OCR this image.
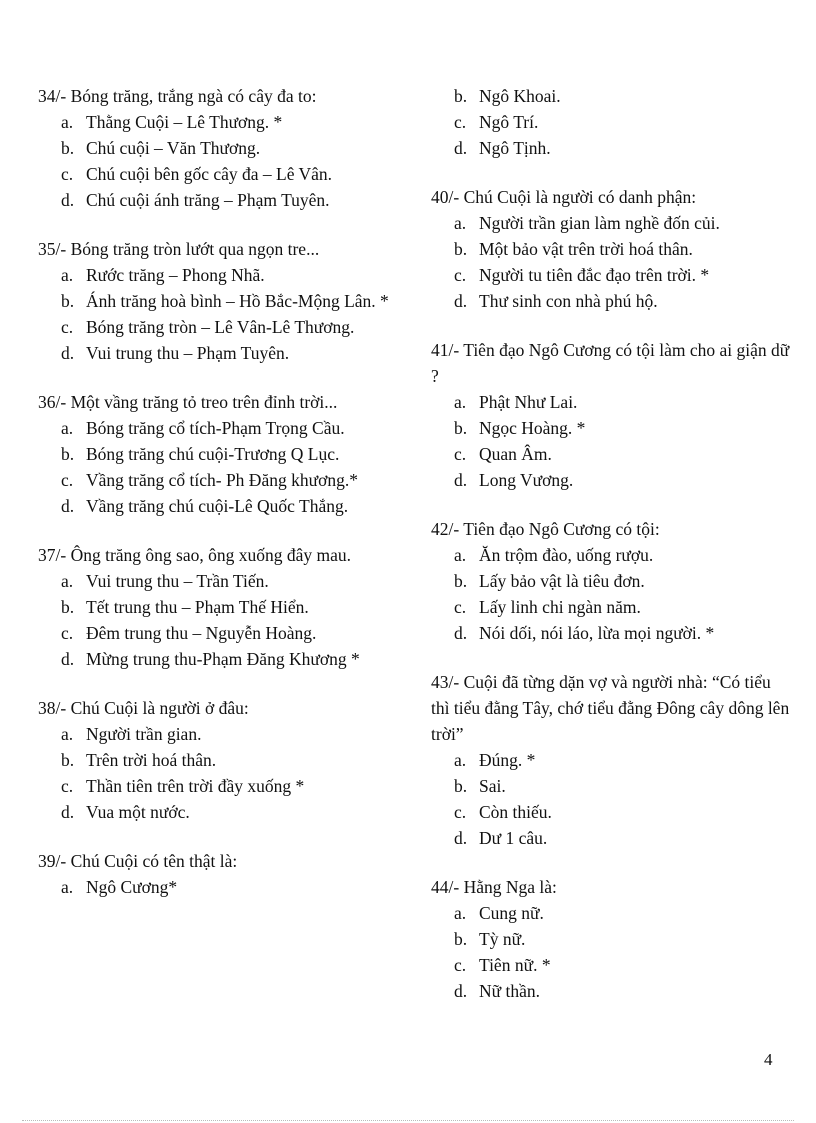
34/- Bóng trăng, trắng ngà có cây đa to:
a. Thằng Cuội – Lê Thương. *
b. Chú cuội – Văn Thương.
c. Chú cuội bên gốc cây đa – Lê Vân.
d. Chú cuội ánh trăng – Phạm Tuyên.
35/- Bóng trăng tròn lướt qua ngọn tre...
a. Rước trăng – Phong Nhã.
b. Ánh trăng hoà bình – Hồ Bắc-Mộng Lân. *
c. Bóng trăng tròn – Lê Vân-Lê Thương.
d. Vui trung thu – Phạm Tuyên.
36/- Một vầng trăng tỏ treo trên đỉnh trời...
a. Bóng trăng cổ tích-Phạm Trọng Cầu.
b. Bóng trăng chú cuội-Trương Q Lục.
c. Vầng trăng cổ tích- Ph Đăng khương.*
d. Vầng trăng chú cuội-Lê Quốc Thắng.
37/- Ông trăng ông sao, ông xuống đây mau.
a. Vui trung thu – Trần Tiến.
b. Tết trung thu – Phạm Thế Hiển.
c. Đêm trung thu – Nguyễn Hoàng.
d. Mừng trung thu-Phạm Đăng Khương *
38/- Chú Cuội là người ở đâu:
a. Người trần gian.
b. Trên trời hoá thân.
c. Thần tiên trên trời đầy xuống *
d. Vua một nước.
39/- Chú Cuội có tên thật là:
a. Ngô Cương*
b. Ngô Khoai.
c. Ngô Trí.
d. Ngô Tịnh.
40/- Chú Cuội là người có danh phận:
a. Người trần gian làm nghề đốn củi.
b. Một bảo vật trên trời hoá thân.
c. Người tu tiên đắc đạo trên trời. *
d. Thư sinh con nhà phú hộ.
41/- Tiên đạo Ngô Cương có tội làm cho ai giận dữ ?
a. Phật Như Lai.
b. Ngọc Hoàng. *
c. Quan Âm.
d. Long Vương.
42/- Tiên đạo Ngô Cương có tội:
a. Ăn trộm đào, uống rượu.
b. Lấy bảo vật là tiêu đơn.
c. Lấy linh chi ngàn năm.
d. Nói dối, nói láo, lừa mọi người. *
43/- Cuội đã từng dặn vợ và người nhà: “Có tiểu thì tiểu đằng Tây, chớ tiểu đằng Đông cây dông lên trời”
a. Đúng. *
b. Sai.
c. Còn thiếu.
d. Dư 1 câu.
44/- Hằng Nga là:
a. Cung nữ.
b. Tỳ nữ.
c. Tiên nữ. *
d. Nữ thần.
4
